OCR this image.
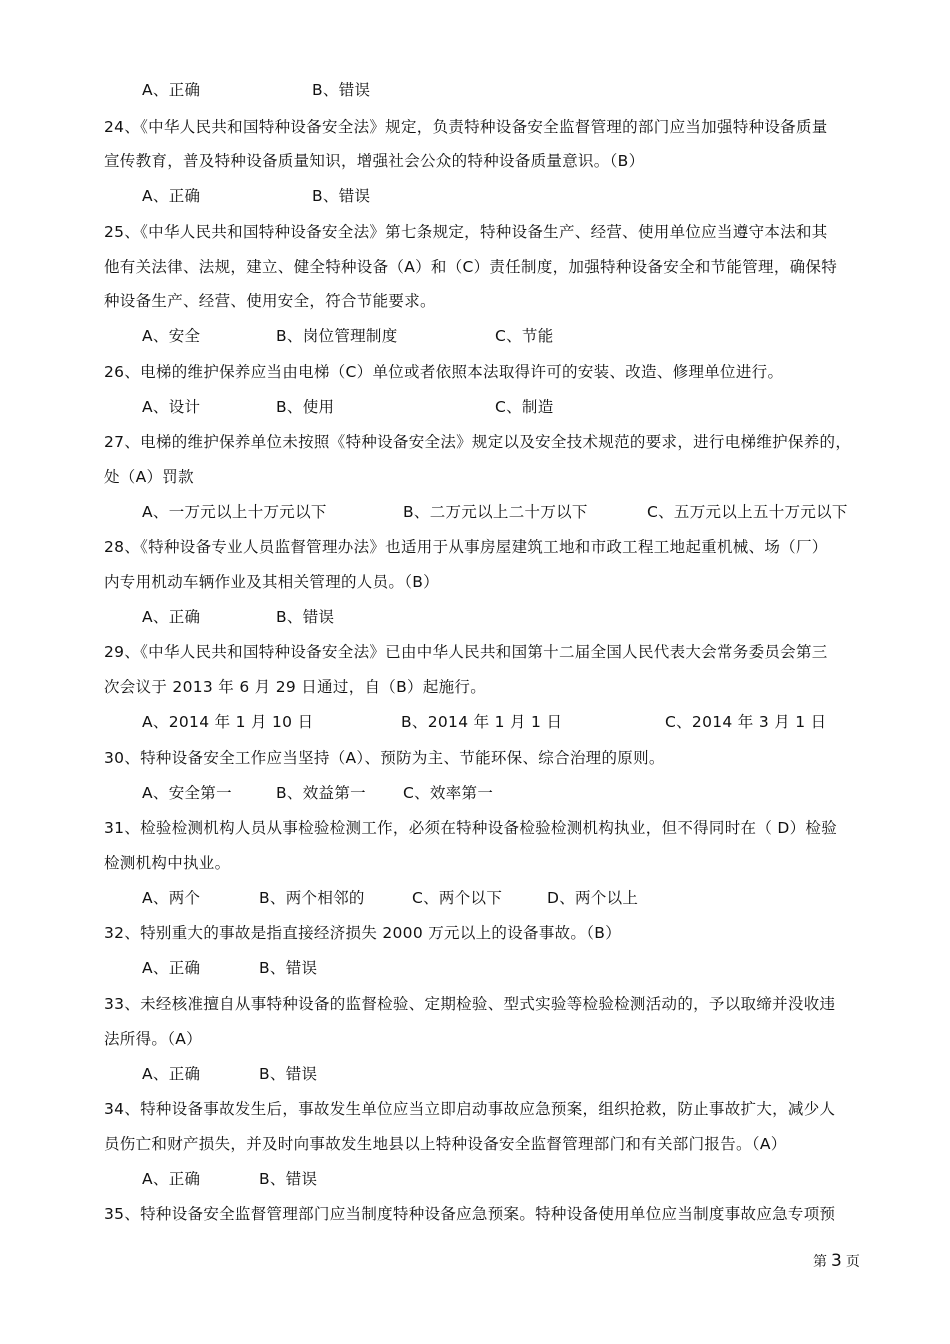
A、正确	B、错误
24、《中华人民共和国特种设备安全法》规定，负责特种设备安全监督管理的部门应当加强特种设备质量
宣传教育，普及特种设备质量知识，增强社会公众的特种设备质量意识。（B）
A、正确	B、错误
25、《中华人民共和国特种设备安全法》第七条规定，特种设备生产、经营、使用单位应当遵守本法和其
他有关法律、法规，建立、健全特种设备（A）和（C）责任制度，加强特种设备安全和节能管理，确保特
种设备生产、经营、使用安全，符合节能要求。
A、安全	B、岗位管理制度	C、节能
26、电梯的维护保养应当由电梯（C）单位或者依照本法取得许可的安装、改造、修理单位进行。
A、设计	B、使用	C、制造
27、电梯的维护保养单位未按照《特种设备安全法》规定以及安全技术规范的要求，进行电梯维护保养的，
处（A）罚款
A、一万元以上十万元以下	B、二万元以上二十万以下	C、五万元以上五十万元以下
28、《特种设备专业人员监督管理办法》也适用于从事房屋建筑工地和市政工程工地起重机械、场（厂）
内专用机动车辆作业及其相关管理的人员。（B）
A、正确	B、错误
29、《中华人民共和国特种设备安全法》已由中华人民共和国第十二届全国人民代表大会常务委员会第三
次会议于 2013 年 6 月 29 日通过，自（B）起施行。
A、2014 年 1 月 10 日	B、2014 年 1 月 1 日	C、2014 年 3 月 1 日
30、特种设备安全工作应当坚持（A）、预防为主、节能环保、综合治理的原则。
A、安全第一	B、效益第一 C、效率第一
31、检验检测机构人员从事检验检测工作，必须在特种设备检验检测机构执业，但不得同时在（ D）检验
检测机构中执业。
A、两个	B、两个相邻的	C、两个以下	D、两个以上
32、特别重大的事故是指直接经济损失 2000 万元以上的设备事故。（B）
A、正确	B、错误
33、未经核准擅自从事特种设备的监督检验、定期检验、型式实验等检验检测活动的，予以取缔并没收违
法所得。（A）
A、正确	B、错误
34、特种设备事故发生后，事故发生单位应当立即启动事故应急预案，组织抢救，防止事故扩大，减少人
员伤亡和财产损失，并及时向事故发生地县以上特种设备安全监督管理部门和有关部门报告。（A）
A、正确	B、错误
35、特种设备安全监督管理部门应当制度特种设备应急预案。特种设备使用单位应当制度事故应急专项预
第 3 页
